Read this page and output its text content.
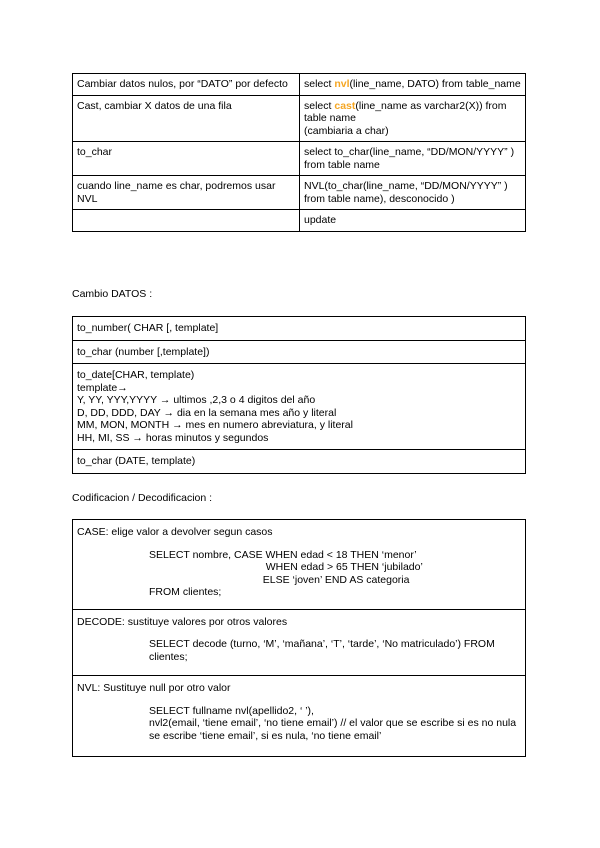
Cambiar datos nulos, por “DATO” por defecto	select nvl(line_name, DATO) from table_name
Cast, cambiar X datos de una fila	select cast(line_name as varchar2(X)) from table name
(cambiaria a char)
to_char	select to_char(line_name, “DD/MON/YYYY” ) from table name
cuando line_name es char, podremos usar NVL	NVL(to_char(line_name, “DD/MON/YYYY” ) from table name), desconocido )
	update
Cambio DATOS :
to_number( CHAR [, template]
to_char (number [,template])
to_date[CHAR, template)
template→
Y, YY, YYY,YYYY → ultimos ,2,3 o 4 digitos del año
D, DD, DDD, DAY → dia en la semana mes año y literal
MM, MON, MONTH → mes en numero abreviatura, y literal
HH, MI, SS → horas minutos y segundos
to_char (DATE, template)
Codificacion / Decodificacion :
CASE: elige valor a devolver segun casos
SELECT nombre, CASE WHEN edad < 18 THEN ‘menor’
WHEN edad > 65 THEN ‘jubilado’
ELSE ‘joven’ END AS categoria
FROM clientes;

DECODE: sustituye valores por otros valores
SELECT decode (turno, ‘M’, ‘mañana’, ‘T’, ‘tarde’, ‘No matriculado’) FROM clientes;

NVL: Sustituye null por otro valor
SELECT fullname nvl(apellido2, ‘ ’),
nvl2(email, ‘tiene email’, ‘no tiene email’) // el valor que se escribe si es no nula se escribe ‘tiene email’, si es nula, ‘no tiene email’
